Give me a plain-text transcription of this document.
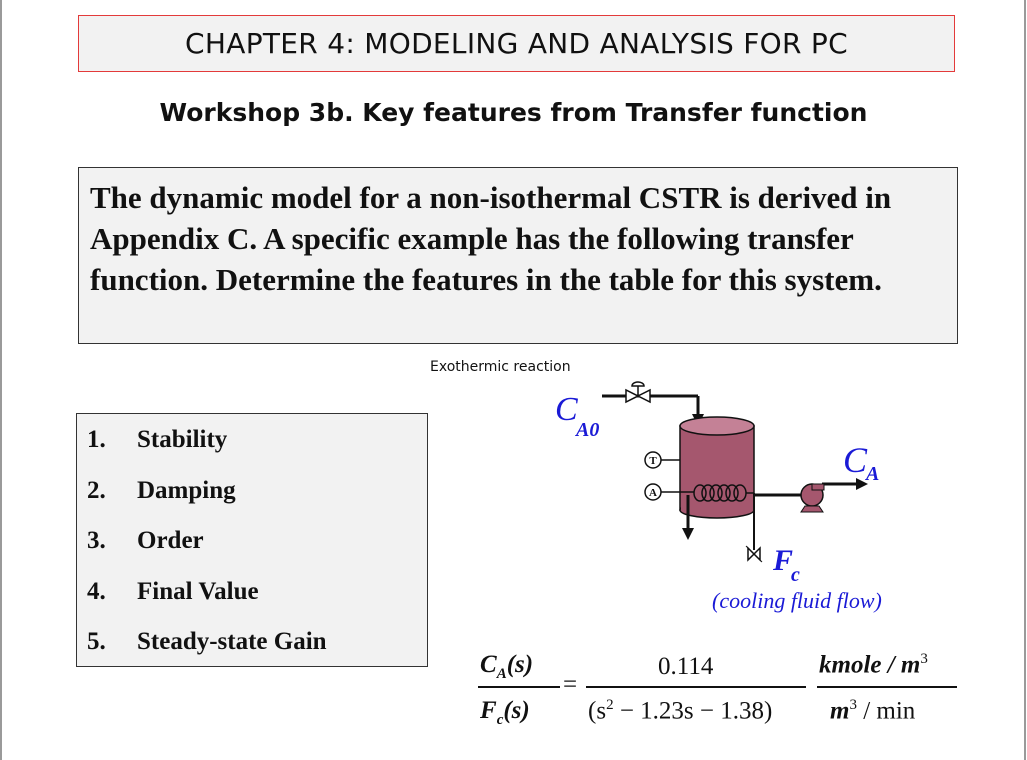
CHAPTER 4: MODELING AND ANALYSIS FOR PC
Workshop 3b. Key features from Transfer function

The dynamic model for a non-isothermal CSTR is derived in Appendix C. A specific example has the following transfer function. Determine the features in the table for this system.

1.	Stability
2.	Damping
3.	Order
4.	Final Value
5.	Steady-state Gain
Exothermic reaction
C
A0
T
A
C
A
F
c
(cooling fluid flow)
$C_A(s)$
$F_c(s)$
=
0.114
$(s^2 - 1.23s - 1.38)$
kmole / $m^3$
$m^3$ / min
